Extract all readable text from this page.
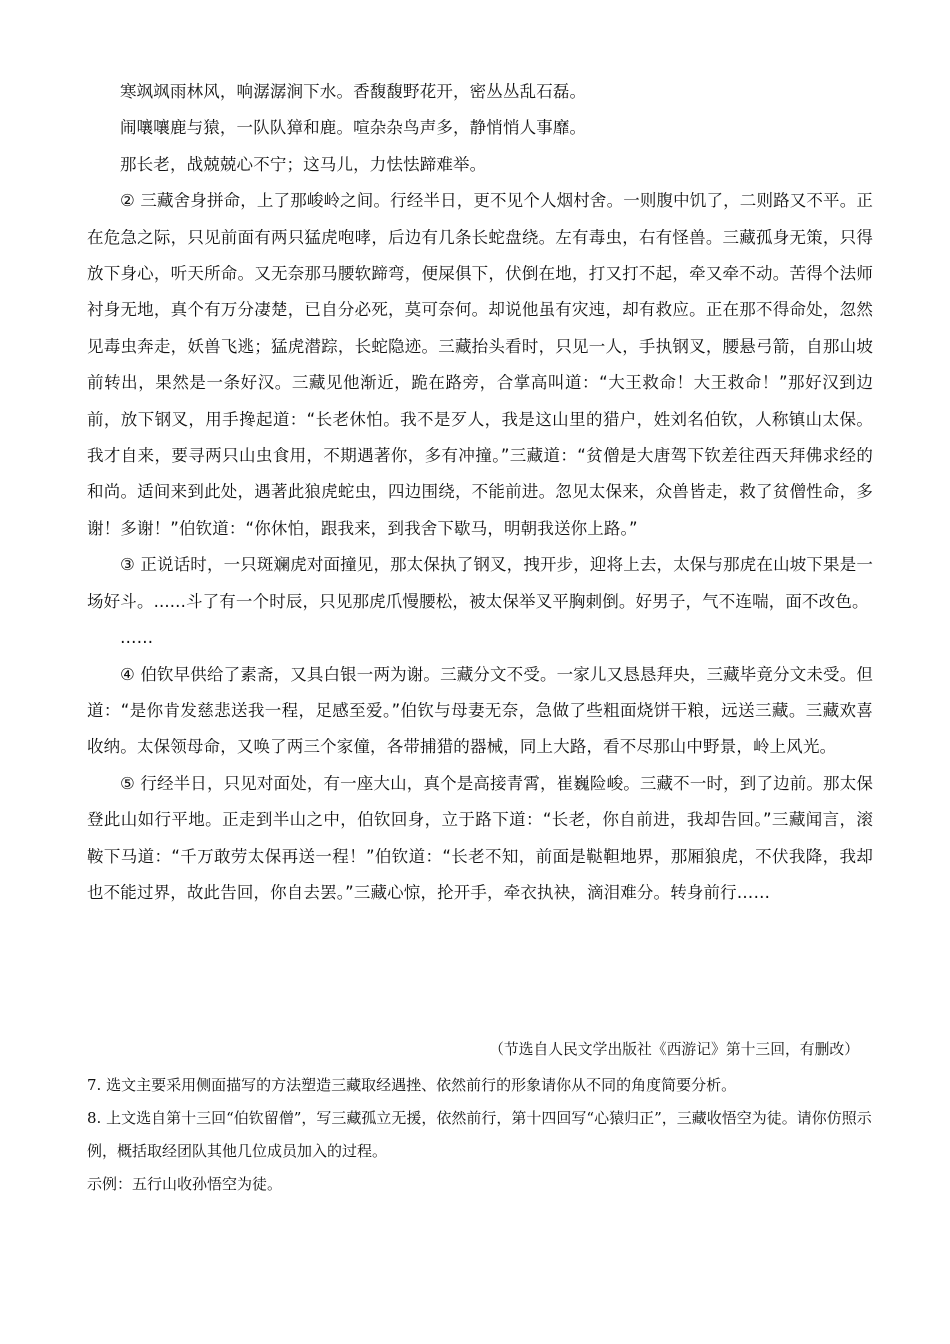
寒飒飒雨林风，响潺潺涧下水。香馥馥野花开，密丛丛乱石磊。

闹嚷嚷鹿与猿，一队队獐和鹿。喧杂杂鸟声多，静悄悄人事靡。

那长老，战兢兢心不宁；这马儿，力怯怯蹄难举。

② 三藏舍身拼命，上了那峻岭之间。行经半日，更不见个人烟村舍。一则腹中饥了，二则路又不平。正在危急之际，只见前面有两只猛虎咆哮，后边有几条长蛇盘绕。左有毒虫，右有怪兽。三藏孤身无策，只得放下身心，听天所命。又无奈那马腰软蹄弯，便屎俱下，伏倒在地，打又打不起，牵又牵不动。苦得个法师衬身无地，真个有万分凄楚，已自分必死，莫可奈何。却说他虽有灾迍，却有救应。正在那不得命处，忽然见毒虫奔走，妖兽飞逃；猛虎潜踪，长蛇隐迹。三藏抬头看时，只见一人，手执钢叉，腰悬弓箭，自那山坡前转出，果然是一条好汉。三藏见他渐近，跪在路旁，合掌高叫道：“大王救命！大王救命！”那好汉到边前，放下钢叉，用手搀起道：“长老休怕。我不是歹人，我是这山里的猎户，姓刘名伯钦，人称镇山太保。我才自来，要寻两只山虫食用，不期遇著你，多有冲撞。”三藏道：“贫僧是大唐驾下钦差往西天拜佛求经的和尚。适间来到此处，遇著此狼虎蛇虫，四边围绕，不能前进。忽见太保来，众兽皆走，救了贫僧性命，多谢！多谢！”伯钦道：“你休怕，跟我来，到我舍下歇马，明朝我送你上路。”

③ 正说话时，一只斑斓虎对面撞见，那太保执了钢叉，拽开步，迎将上去，太保与那虎在山坡下果是一场好斗。......斗了有一个时辰，只见那虎爪慢腰松，被太保举叉平胸刺倒。好男子，气不连喘，面不改色。

……

④ 伯钦早供给了素斋，又具白银一两为谢。三藏分文不受。一家儿又恳恳拜央，三藏毕竟分文未受。但道：“是你肯发慈悲送我一程，足感至爱。”伯钦与母妻无奈，急做了些粗面烧饼干粮，远送三藏。三藏欢喜收纳。太保领母命，又唤了两三个家僮，各带捕猎的器械，同上大路，看不尽那山中野景，岭上风光。

⑤ 行经半日，只见对面处，有一座大山，真个是高接青霄，崔巍险峻。三藏不一时，到了边前。那太保登此山如行平地。正走到半山之中，伯钦回身，立于路下道：“长老，你自前进，我却告回。”三藏闻言，滚鞍下马道：“千万敢劳太保再送一程！”伯钦道：“长老不知，前面是鞑靼地界，那厢狼虎，不伏我降，我却也不能过界，故此告回，你自去罢。”三藏心惊，抡开手，牵衣执袂，滴泪难分。转身前行……

（节选自人民文学出版社《西游记》第十三回，有删改）

7. 选文主要采用侧面描写的方法塑造三藏取经遇挫、依然前行的形象请你从不同的角度简要分析。

8. 上文选自第十三回“伯钦留僧”，写三藏孤立无援，依然前行，第十四回写“心猿归正”，三藏收悟空为徒。请你仿照示例，概括取经团队其他几位成员加入的过程。

示例：五行山收孙悟空为徒。
